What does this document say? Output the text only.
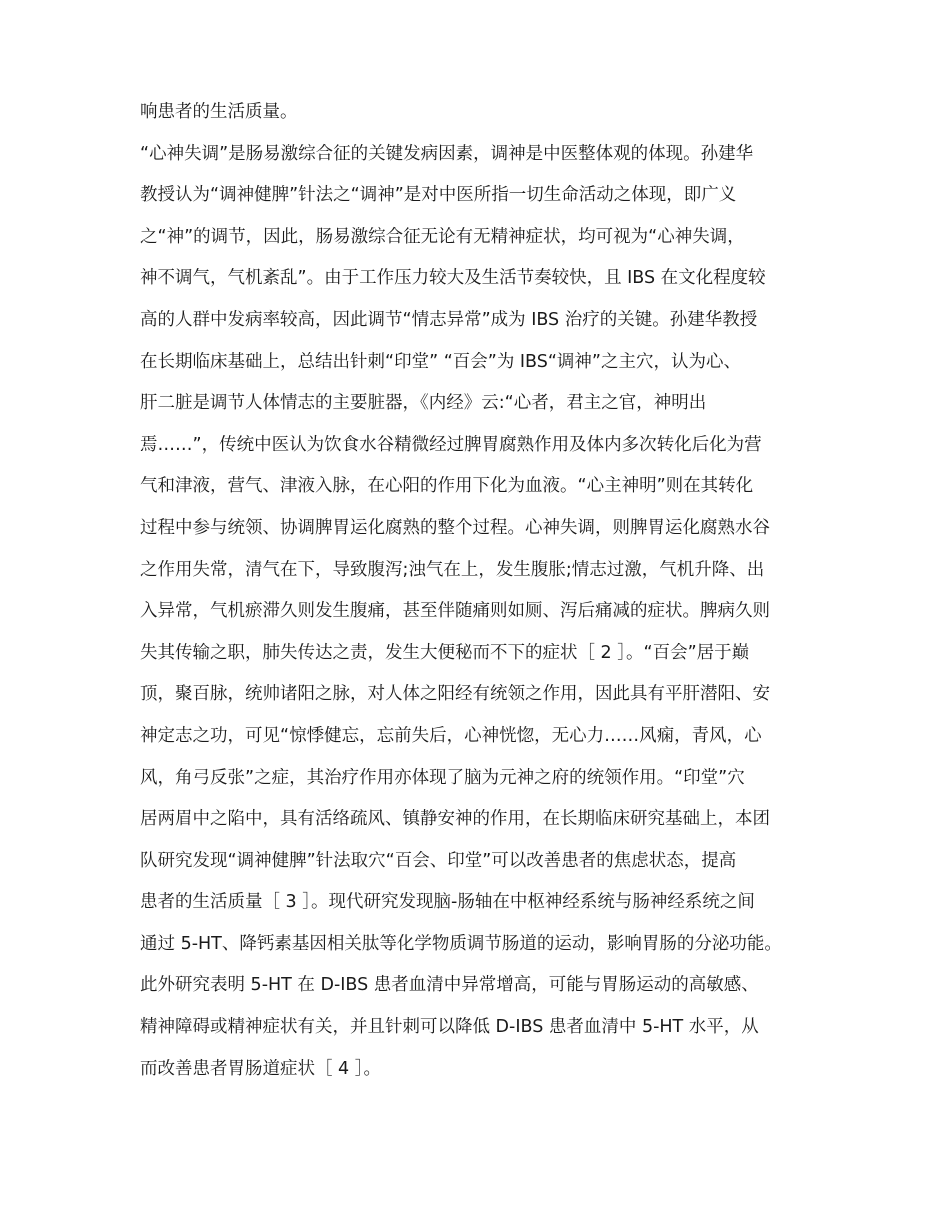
响患者的生活质量。
“心神失调”是肠易激综合征的关键发病因素，调神是中医整体观的体现。孙建华
教授认为“调神健脾”针法之“调神”是对中医所指一切生命活动之体现，即广义
之“神”的调节，因此，肠易激综合征无论有无精神症状，均可视为“心神失调，
神不调气，气机紊乱”。由于工作压力较大及生活节奏较快，且 IBS 在文化程度较
高的人群中发病率较高，因此调节“情志异常”成为 IBS 治疗的关键。孙建华教授
在长期临床基础上，总结出针刺“印堂” “百会”为 IBS“调神”之主穴，认为心、
肝二脏是调节人体情志的主要脏器，《内经》云:“心者，君主之官，神明出
焉……”，传统中医认为饮食水谷精微经过脾胃腐熟作用及体内多次转化后化为营
气和津液，营气、津液入脉，在心阳的作用下化为血液。“心主神明”则在其转化
过程中参与统领、协调脾胃运化腐熟的整个过程。心神失调，则脾胃运化腐熟水谷
之作用失常，清气在下，导致腹泻;浊气在上，发生腹胀;情志过激，气机升降、出
入异常，气机瘀滞久则发生腹痛，甚至伴随痛则如厕、泻后痛减的症状。脾病久则
失其传输之职，肺失传达之责，发生大便秘而不下的症状［ 2 ］。“百会”居于巅
顶，聚百脉，统帅诸阳之脉，对人体之阳经有统领之作用，因此具有平肝潜阳、安
神定志之功，可见“惊悸健忘，忘前失后，心神恍惚，无心力……风痫，青风，心
风，角弓反张”之症，其治疗作用亦体现了脑为元神之府的统领作用。“印堂”穴
居两眉中之陷中，具有活络疏风、镇静安神的作用，在长期临床研究基础上，本团
队研究发现“调神健脾”针法取穴“百会、印堂”可以改善患者的焦虑状态，提高
患者的生活质量［ 3 ］。现代研究发现脑-肠轴在中枢神经系统与肠神经系统之间
通过 5-HT、降钙素基因相关肽等化学物质调节肠道的运动，影响胃肠的分泌功能。
此外研究表明 5-HT 在 D-IBS 患者血清中异常增高，可能与胃肠运动的高敏感、
精神障碍或精神症状有关，并且针刺可以降低 D-IBS 患者血清中 5-HT 水平，从
而改善患者胃肠道症状［ 4 ］。
